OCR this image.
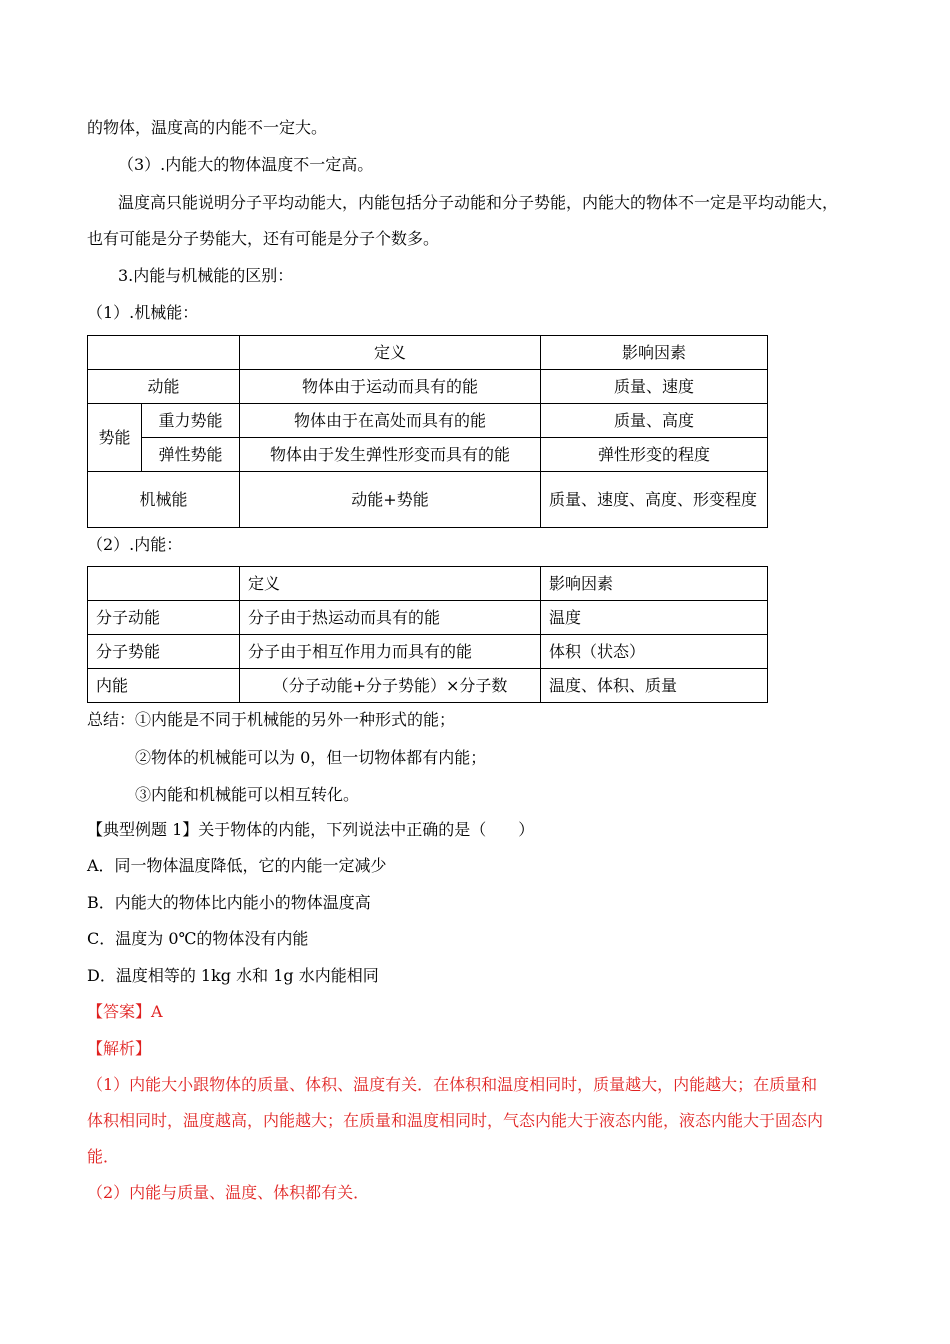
的物体，温度高的内能不一定大。
（3）.内能大的物体温度不一定高。
温度高只能说明分子平均动能大，内能包括分子动能和分子势能，内能大的物体不一定是平均动能大，
也有可能是分子势能大，还有可能是分子个数多。
3.内能与机械能的区别：
（1）.机械能：
		定义	影响因素
动能		物体由于运动而具有的能	质量、速度
势能	重力势能	物体由于在高处而具有的能	质量、高度
	弹性势能	物体由于发生弹性形变而具有的能	弹性形变的程度
机械能		动能+势能	质量、速度、高度、形变程度
（2）.内能：
	定义	影响因素
分子动能	分子由于热运动而具有的能	温度
分子势能	分子由于相互作用力而具有的能	体积（状态）
内能	（分子动能+分子势能）×分子数	温度、体积、质量
总结：①内能是不同于机械能的另外一种形式的能；
②物体的机械能可以为 0，但一切物体都有内能；
③内能和机械能可以相互转化。
【典型例题 1】关于物体的内能，下列说法中正确的是（　　）
A．同一物体温度降低，它的内能一定减少
B．内能大的物体比内能小的物体温度高
C．温度为 0℃的物体没有内能
D．温度相等的 1kg 水和 1g 水内能相同
【答案】A
【解析】
（1）内能大小跟物体的质量、体积、温度有关．在体积和温度相同时，质量越大，内能越大；在质量和
体积相同时，温度越高，内能越大；在质量和温度相同时，气态内能大于液态内能，液态内能大于固态内
能．
（2）内能与质量、温度、体积都有关．
